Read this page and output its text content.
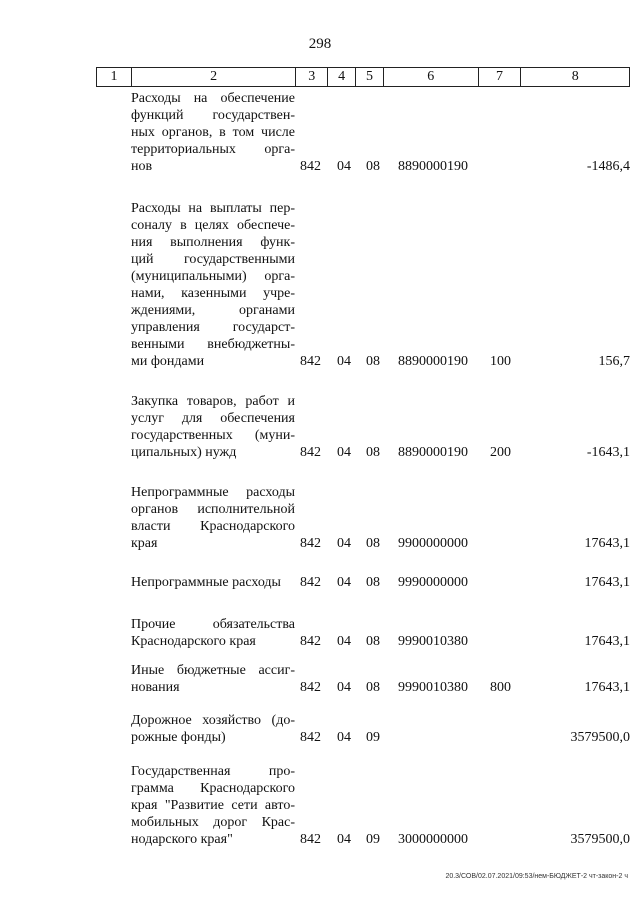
298
1	2	3	4	5	6	7	8
Расходы на обеспечение
функций государствен-
ных органов, в том числе
территориальных орга-
нов	842 04 08 8890000190	-1486,4
Расходы на выплаты пер-
соналу в целях обеспече-
ния выполнения функ-
ций государственными
(муниципальными) орга-
нами, казенными учре-
ждениями, органами
управления государст-
венными внебюджетны-
ми фондами	842 04 08 8890000190 100	156,7
Закупка товаров, работ и
услуг для обеспечения
государственных (муни-
ципальных) нужд	842 04 08 8890000190 200	-1643,1
Непрограммные расходы
органов исполнительной
власти Краснодарского
края	842 04 08 9900000000	17643,1
Непрограммные расходы	842 04 08 9990000000	17643,1
Прочие обязательства
Краснодарского края	842 04 08 9990010380	17643,1
Иные бюджетные ассиг-
нования	842 04 08 9990010380 800	17643,1
Дорожное хозяйство (до-
рожные фонды)	842 04 09	3579500,0
Государственная про-
грамма Краснодарского
края "Развитие сети авто-
мобильных дорог Крас-
нодарского края"	842 04 09 3000000000	3579500,0
20.3/СОВ/02.07.2021/09:53/нем-БЮДЖЕТ-2 чт-закон-2 ч
